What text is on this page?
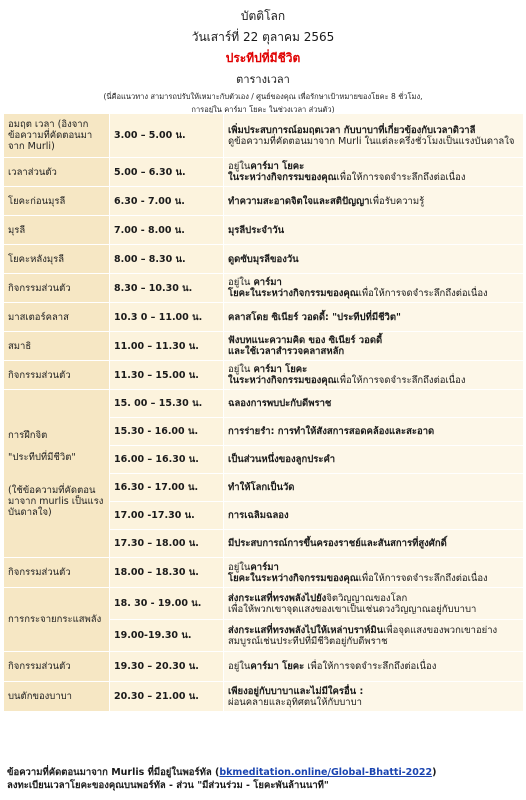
บัตติโลก
วันเสาร์ที่ 22 ตุลาคม 2565
ประทีปที่มีชีวิต
ตารางเวลา
(นี่คือแนวทาง สามารถปรับให้เหมาะกับตัวเอง / ศูนย์ของคุณ เพื่อรักษาเป้าหมายของโยคะ 8 ชั่วโมง,
การอยู่ใน คาร์มา โยคะ ในช่วงเวลา ส่วนตัว)
อมฤต เวลา (อิงจากข้อความที่คัดตอนมาจาก Murli)	3.00 – 5.00 น.	เพิ่มประสบการณ์อมฤตเวลา กับบาบาที่เกี่ยวข้องกับเวลาดิวาลี
ดูข้อความที่คัดตอนมาจาก Murli ในแต่ละครึ่งชั่วโมงเป็นแรงบันดาลใจ
เวลาส่วนตัว	5.00 – 6.30 น.	อยู่ในคาร์มา โยคะ
ในระหว่างกิจกรรมของคุณเพื่อให้การจดจำระลึกถึงต่อเนื่อง
โยคะก่อนมุรลี	6.30 - 7.00 น.	ทำความสะอาดจิตใจและสติปัญญาเพื่อรับความรู้
มุรลี	7.00 - 8.00 น.	มุรลีประจำวัน
โยคะหลังมุรลี	8.00 – 8.30 น.	ดูดซับมุรลีของวัน
กิจกรรมส่วนตัว	8.30 – 10.30 น.	อยู่ใน คาร์มา
โยคะในระหว่างกิจกรรมของคุณเพื่อให้การจดจำระลึกถึงต่อเนื่อง
มาสเตอร์คลาส	10.3 0 – 11.00 น.	คลาสโดย ซิเนียร์ วอดดี้: "ประทีปที่มีชีวิต"
สมาธิ	11.00 – 11.30 น.	ฟังบทแนะความคิด ของ ซิเนียร์ วอดดี้
และใช้เวลาสำรวจคลาสหลัก
กิจกรรมส่วนตัว	11.30 – 15.00 น.	อยู่ใน คาร์มา โยคะ
ในระหว่างกิจกรรมของคุณเพื่อให้การจดจำระลึกถึงต่อเนื่อง
การฝึกจิต

"ประทีปที่มีชีวิต"

(ใช้ข้อความที่คัดตอนมาจาก murlis เป็นแรงบันดาลใจ)	15. 00 – 15.30 น.	ฉลองการพบปะกับดีพราช
	15.30 - 16.00 น.	การร่ายรำ: การทำให้สังสการสอดคล้องและสะอาด
	16.00 – 16.30 น.	เป็นส่วนหนึ่งของลูกประคำ
	16.30 - 17.00 น.	ทำให้โลกเป็นวัด
	17.00 -17.30 น.	การเฉลิมฉลอง
	17.30 – 18.00 น.	มีประสบการณ์การขึ้นครองราชย์และสันสการที่สูงศักดิ์
กิจกรรมส่วนตัว	18.00 – 18.30 น.	อยู่ในคาร์มา
โยคะในระหว่างกิจกรรมของคุณเพื่อให้การจดจำระลึกถึงต่อเนื่อง
การกระจายกระแสพลัง	18. 30 - 19.00 น.	ส่งกระแสที่ทรงพลังไปยังจิตวิญญาณของโลก
เพื่อให้พวกเขาจุดแสงของเขาเป็นเช่นดวงวิญญาณอยู่กับบาบา
	19.00-19.30 น.	ส่งกระแสที่ทรงพลังไปให้เหล่าบราห์มินเพื่อจุดแสงของพวกเขาอย่าง
สมบูรณ์เช่นประทีปที่มีชีวิตอยู่กับดีพราช
กิจกรรมส่วนตัว	19.30 – 20.30 น.	อยู่ในคาร์มา โยคะ เพื่อให้การจดจำระลึกถึงต่อเนื่อง
บนตักของบาบา	20.30 – 21.00 น.	เพียงอยู่กับบาบาและไม่มีใครอื่น :
ผ่อนคลายและอุทิศตนให้กับบาบา
ข้อความที่คัดตอนมาจาก Murlis ที่มีอยู่ในพอร์ทัล (bkmeditation.online/Global-Bhatti-2022)
ลงทะเบียนเวลาโยคะของคุณบนพอร์ทัล - ส่วน "มีส่วนร่วม - โยคะพันล้านนาที"
